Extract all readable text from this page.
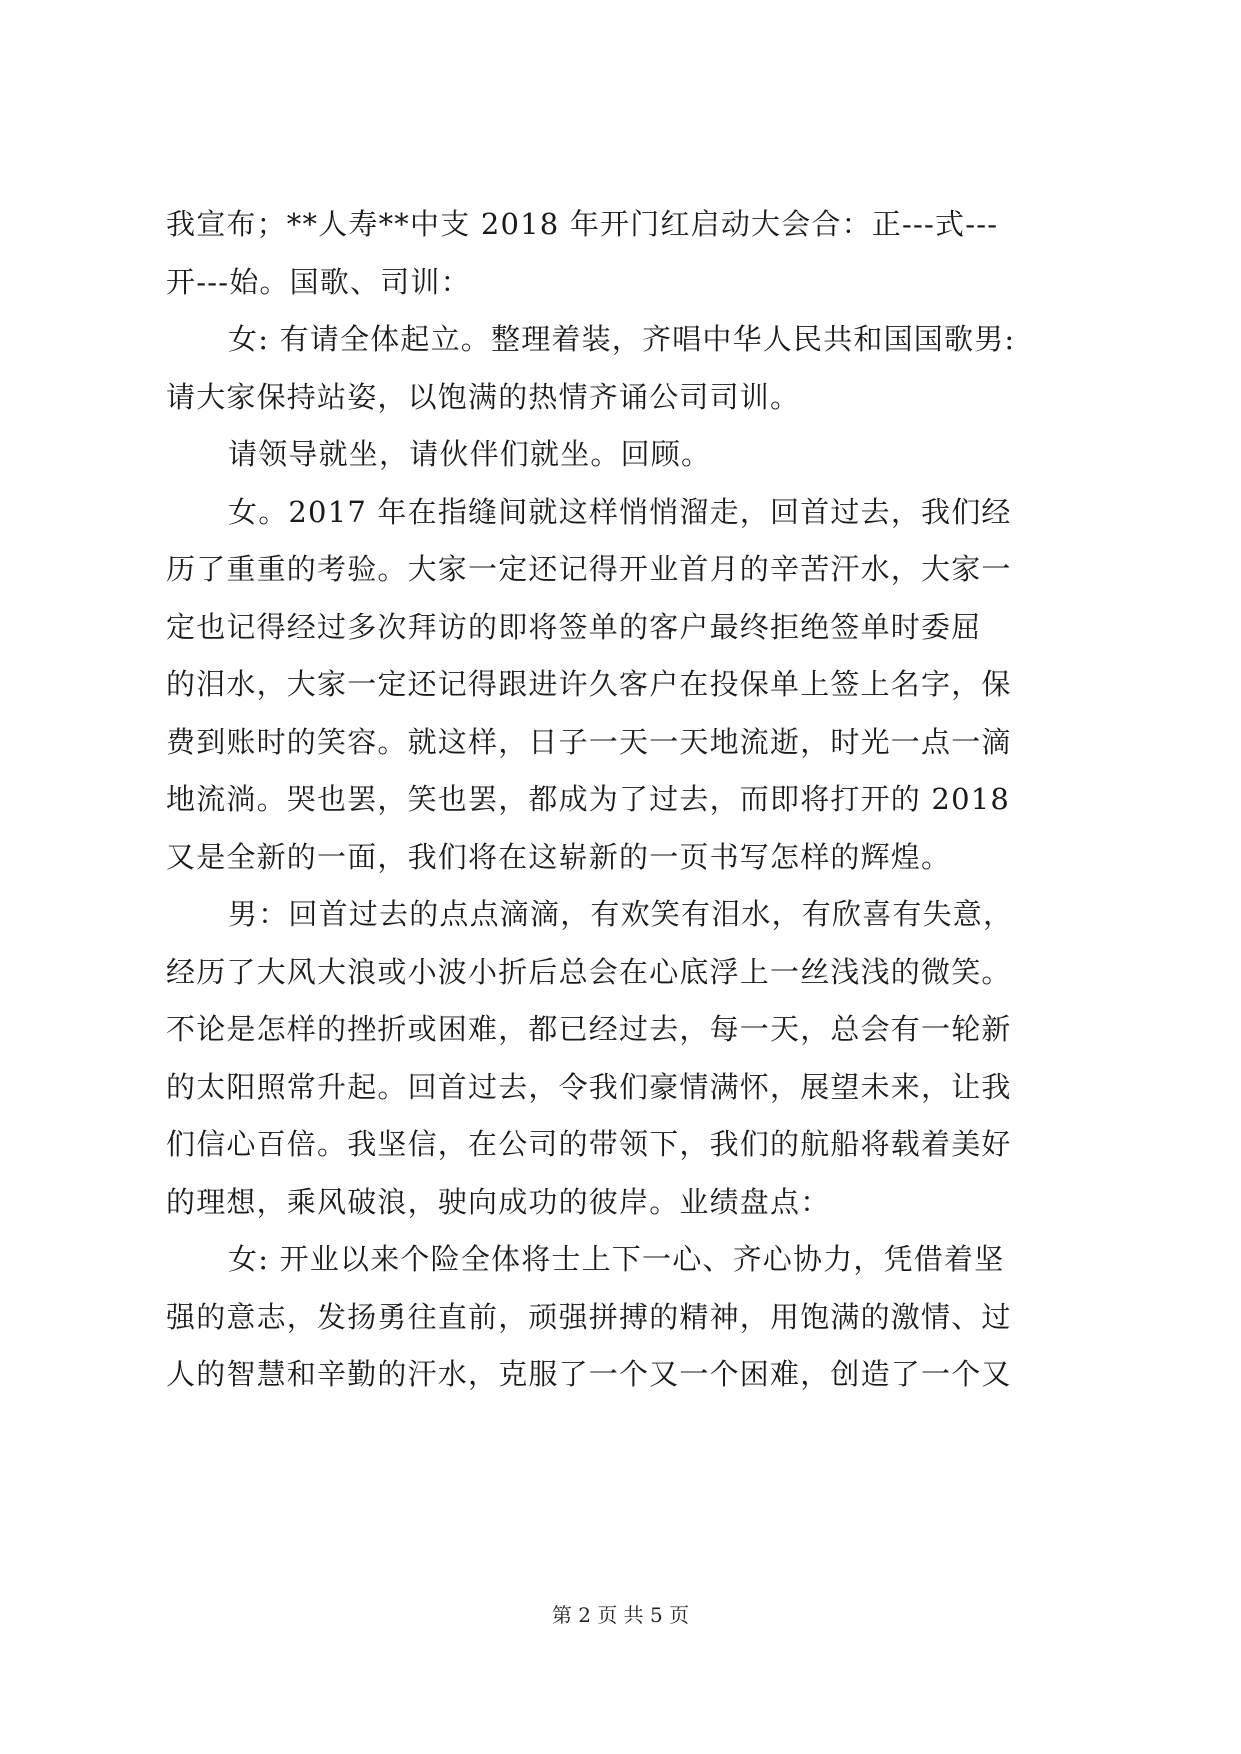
我宣布；**人寿**中支 2018 年开门红启动大会合：正---式---
开---始。国歌、司训：
女: 有请全体起立。整理着装，齐唱中华人民共和国国歌男:
请大家保持站姿，以饱满的热情齐诵公司司训。
请领导就坐，请伙伴们就坐。回顾。
女。2017 年在指缝间就这样悄悄溜走，回首过去，我们经
历了重重的考验。大家一定还记得开业首月的辛苦汗水，大家一
定也记得经过多次拜访的即将签单的客户最终拒绝签单时委屈
的泪水，大家一定还记得跟进许久客户在投保单上签上名字，保
费到账时的笑容。就这样，日子一天一天地流逝，时光一点一滴
地流淌。哭也罢，笑也罢，都成为了过去，而即将打开的 2018
又是全新的一面，我们将在这崭新的一页书写怎样的辉煌。
男：回首过去的点点滴滴，有欢笑有泪水，有欣喜有失意，
经历了大风大浪或小波小折后总会在心底浮上一丝浅浅的微笑。
不论是怎样的挫折或困难，都已经过去，每一天，总会有一轮新
的太阳照常升起。回首过去，令我们豪情满怀，展望未来，让我
们信心百倍。我坚信，在公司的带领下，我们的航船将载着美好
的理想，乘风破浪，驶向成功的彼岸。业绩盘点：
女: 开业以来个险全体将士上下一心、齐心协力，凭借着坚
强的意志，发扬勇往直前，顽强拼搏的精神，用饱满的激情、过
人的智慧和辛勤的汗水，克服了一个又一个困难，创造了一个又
第 2 页 共 5 页
